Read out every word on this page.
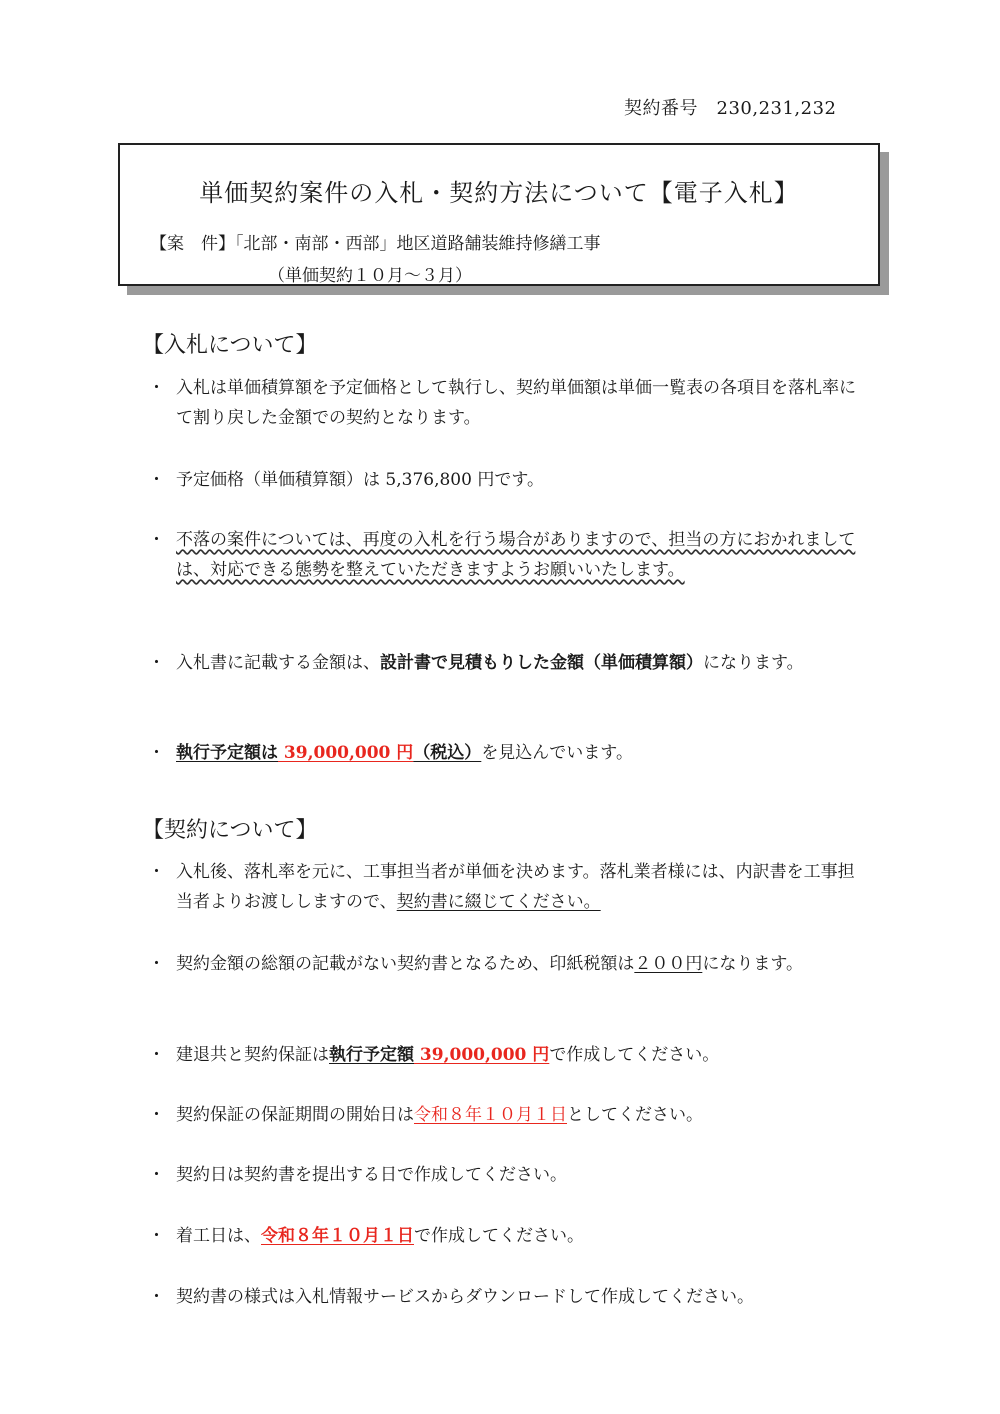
契約番号　 230,231,232
単価契約案件の入札・契約方法について【電子入札】
【案　件】「北部・南部・西部」地区道路舗装維持修繕工事
（単価契約１０月～３月）
【入札について】
・ 入札は単価積算額を予定価格として執行し、契約単価額は単価一覧表の各項目を落札率にて割り戻した金額での契約となります。
・ 予定価格（単価積算額）は 5,376,800 円です。
・ 不落の案件については、再度の入札を行う場合がありますので、担当の方におかれましては、対応できる態勢を整えていただきますようお願いいたします。
・ 入札書に記載する金額は、設計書で見積もりした金額（単価積算額）になります。
・ 執行予定額は 39,000,000 円（税込）を見込んでいます。
【契約について】
・ 入札後、落札率を元に、工事担当者が単価を決めます。落札業者様には、内訳書を工事担当者よりお渡ししますので、契約書に綴じてください。
・ 契約金額の総額の記載がない契約書となるため、印紙税額は２００円になります。
・ 建退共と契約保証は執行予定額 39,000,000 円で作成してください。
・ 契約保証の保証期間の開始日は令和８年１０月１日としてください。
・ 契約日は契約書を提出する日で作成してください。
・ 着工日は、令和８年１０月１日で作成してください。
・ 契約書の様式は入札情報サービスからダウンロードして作成してください。
